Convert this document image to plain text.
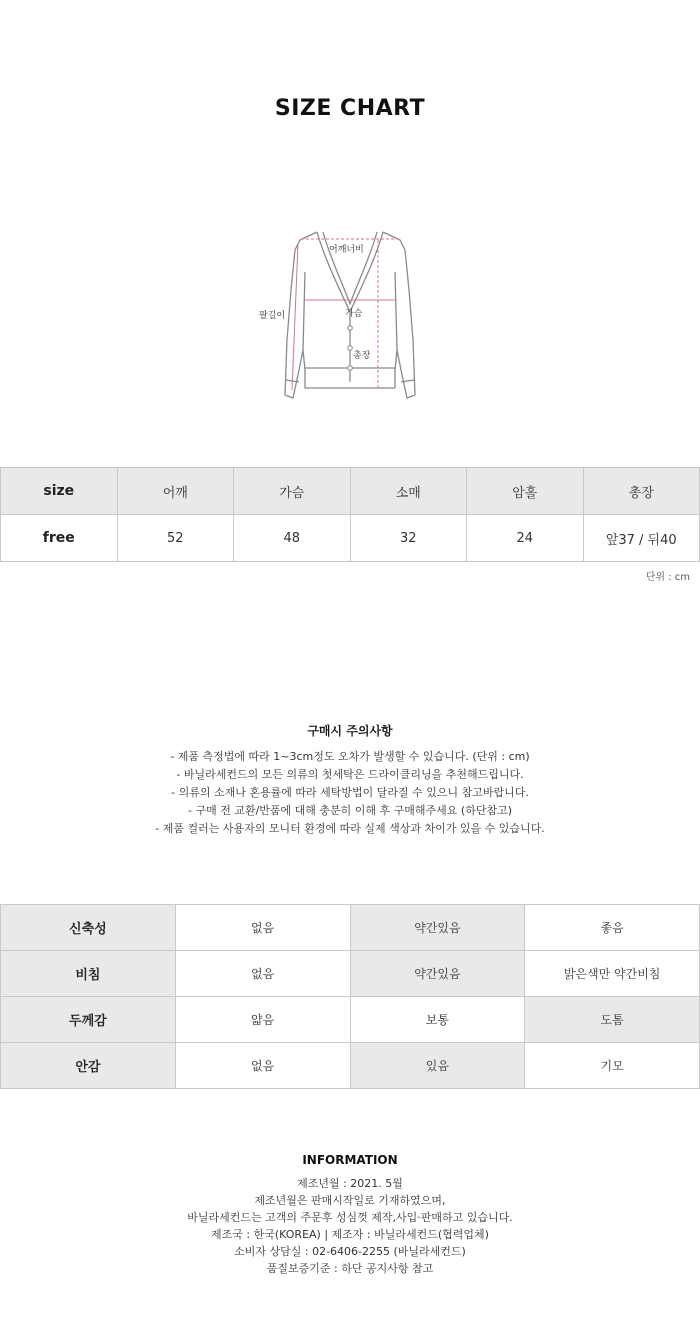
SIZE CHART
어깨너비
가슴
팔길이
총장
size	어깨	가슴	소매	암홀	총장
free	52	48	32	24	앞37 / 뒤40
단위 : cm
구매시 주의사항
- 제품 측정법에 따라 1~3cm정도 오차가 발생할 수 있습니다. (단위 : cm)
- 바닐라세컨드의 모든 의류의 첫세탁은 드라이클리닝을 추천해드립니다.
- 의류의 소재나 혼용률에 따라 세탁방법이 달라질 수 있으니 참고바랍니다.
- 구매 전 교환/반품에 대해 충분히 이해 후 구매해주세요 (하단참고)
- 제품 컬러는 사용자의 모니터 환경에 따라 실제 색상과 차이가 있을 수 있습니다.
신축성	없음	약간있음	좋음
비침	없음	약간있음	밝은색만 약간비침
두께감	얇음	보통	도톰
안감	없음	있음	기모
INFORMATION
제조년월 : 2021. 5월
제조년월은 판매시작일로 기재하였으며,
바닐라세컨드는 고객의 주문후 성심껏 제작,사입·판매하고 있습니다.
제조국 : 한국(KOREA) | 제조자 : 바닐라세컨드(협력업체)
소비자 상담실 : 02-6406-2255 (바닐라세컨드)
품질보증기준 : 하단 공지사항 참고
